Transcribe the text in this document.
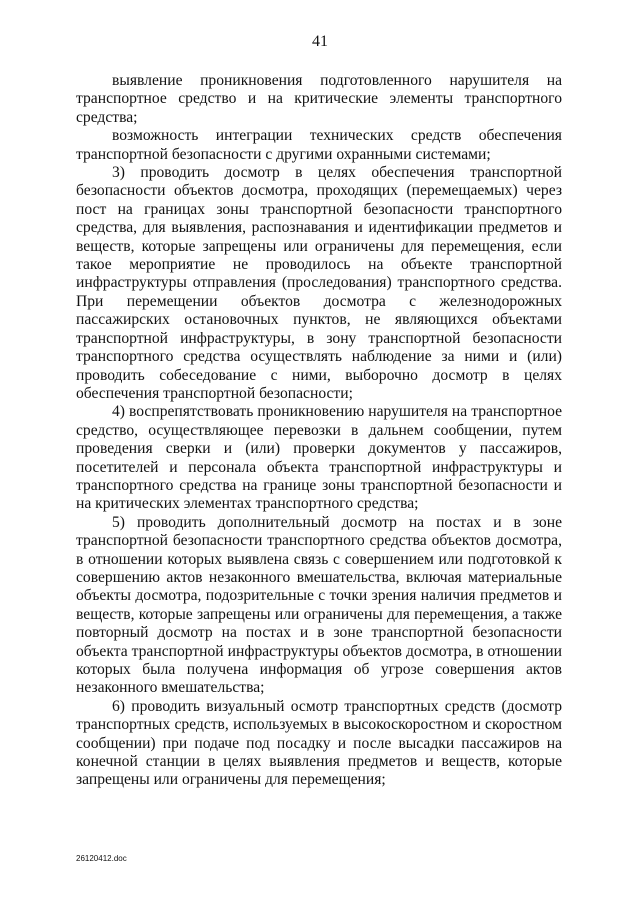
41

выявление проникновения подготовленного нарушителя на транспортное средство и на критические элементы транспортного средства;

возможность интеграции технических средств обеспечения транспортной безопасности с другими охранными системами;

3) проводить досмотр в целях обеспечения транспортной безопасности объектов досмотра, проходящих (перемещаемых) через пост на границах зоны транспортной безопасности транспортного средства, для выявления, распознавания и идентификации предметов и веществ, которые запрещены или ограничены для перемещения, если такое мероприятие не проводилось на объекте транспортной инфраструктуры отправления (проследования) транспортного средства. При перемещении объектов досмотра с железнодорожных пассажирских остановочных пунктов, не являющихся объектами транспортной инфраструктуры, в зону транспортной безопасности транспортного средства осуществлять наблюдение за ними и (или) проводить собеседование с ними, выборочно досмотр в целях обеспечения транспортной безопасности;

4) воспрепятствовать проникновению нарушителя на транспортное средство, осуществляющее перевозки в дальнем сообщении, путем проведения сверки и (или) проверки документов у пассажиров, посетителей и персонала объекта транспортной инфраструктуры и транспортного средства на границе зоны транспортной безопасности и на критических элементах транспортного средства;

5) проводить дополнительный досмотр на постах и в зоне транспортной безопасности транспортного средства объектов досмотра, в отношении которых выявлена связь с совершением или подготовкой к совершению актов незаконного вмешательства, включая материальные объекты досмотра, подозрительные с точки зрения наличия предметов и веществ, которые запрещены или ограничены для перемещения, а также повторный досмотр на постах и в зоне транспортной безопасности объекта транспортной инфраструктуры объектов досмотра, в отношении которых была получена информация об угрозе совершения актов незаконного вмешательства;

6) проводить визуальный осмотр транспортных средств (досмотр транспортных средств, используемых в высокоскоростном и скоростном сообщении) при подаче под посадку и после высадки пассажиров на конечной станции в целях выявления предметов и веществ, которые запрещены или ограничены для перемещения;

26120412.doc
